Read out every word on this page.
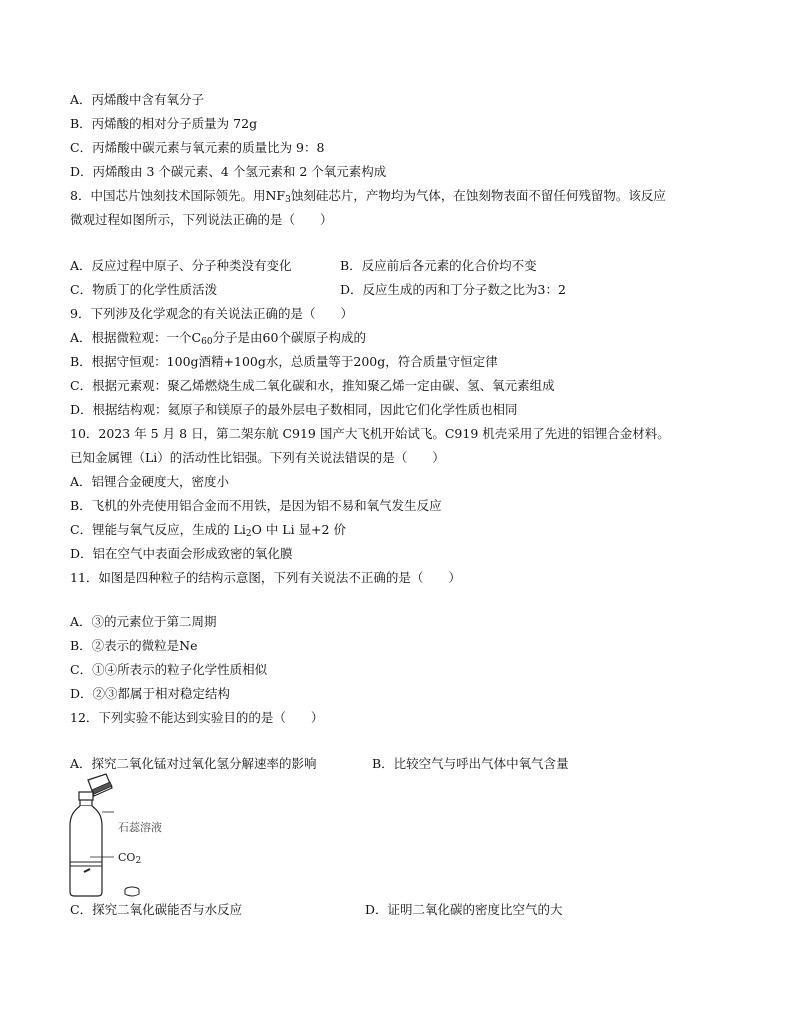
A．丙烯酸中含有氧分子
B．丙烯酸的相对分子质量为 72g
C．丙烯酸中碳元素与氧元素的质量比为 9：8
D．丙烯酸由 3 个碳元素、4 个氢元素和 2 个氧元素构成
8．中国芯片蚀刻技术国际领先。用$NF_3$蚀刻硅芯片，产物均为气体，在蚀刻物表面不留任何残留物。该反应
微观过程如图所示，下列说法正确的是（　　）
A．反应过程中原子、分子种类没有变化	B．反应前后各元素的化合价均不变
C．物质丁的化学性质活泼	D．反应生成的丙和丁分子数之比为3：2
9．下列涉及化学观念的有关说法正确的是（　　）
A．根据微粒观：一个$C_{60}$分子是由60个碳原子构成的
B．根据守恒观：100g酒精+100g水，总质量等于200g，符合质量守恒定律
C．根据元素观：聚乙烯燃烧生成二氧化碳和水，推知聚乙烯一定由碳、氢、氧元素组成
D．根据结构观：氦原子和镁原子的最外层电子数相同，因此它们化学性质也相同
10．2023 年 5 月 8 日，第二架东航 C919 国产大飞机开始试飞。C919 机壳采用了先进的铝锂合金材料。
已知金属锂（Li）的活动性比铝强。下列有关说法错误的是（　　）
A．铝锂合金硬度大，密度小
B．飞机的外壳使用铝合金而不用铁，是因为铝不易和氧气发生反应
C．锂能与氧气反应，生成的 $Li_2O$ 中 Li 显+2 价
D．铝在空气中表面会形成致密的氧化膜
11．如图是四种粒子的结构示意图，下列有关说法不正确的是（　　）
A．③的元素位于第二周期
B．②表示的微粒是Ne
C．①④所表示的粒子化学性质相似
D．②③都属于相对稳定结构
12．下列实验不能达到实验目的的是（　　）
A．探究二氧化锰对过氧化氢分解速率的影响	B．比较空气与呼出气体中氧气含量
石蕊溶液
$CO_2$
C．探究二氧化碳能否与水反应	D．证明二氧化碳的密度比空气的大
